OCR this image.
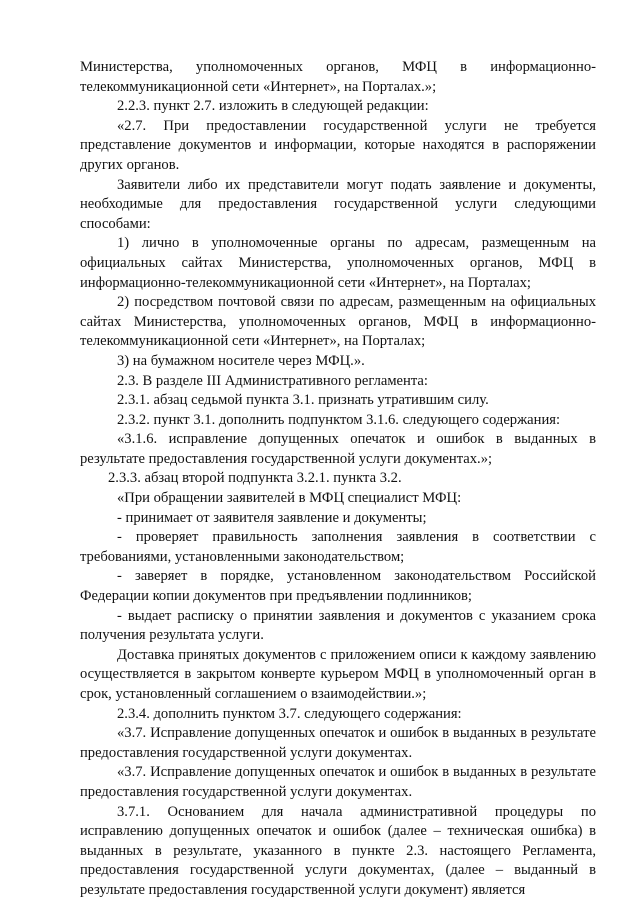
Министерства, уполномоченных органов, МФЦ в информационно-телекоммуникационной сети «Интернет», на Порталах.»;

2.2.3. пункт 2.7. изложить в следующей редакции:

«2.7. При предоставлении государственной услуги не требуется представление документов и информации, которые находятся в распоряжении других органов.

Заявители либо их представители могут подать заявление и документы, необходимые для предоставления государственной услуги следующими способами:

1) лично в уполномоченные органы по адресам, размещенным на официальных сайтах Министерства, уполномоченных органов, МФЦ в информационно-телекоммуникационной сети «Интернет», на Порталах;

2) посредством почтовой связи по адресам, размещенным на официальных сайтах Министерства, уполномоченных органов, МФЦ в информационно-телекоммуникационной сети «Интернет», на Порталах;

3) на бумажном носителе через МФЦ.».

2.3. В разделе III Административного регламента:

2.3.1. абзац седьмой пункта 3.1. признать утратившим силу.

2.3.2. пункт 3.1. дополнить подпунктом 3.1.6. следующего содержания:

«3.1.6. исправление допущенных опечаток и ошибок в выданных в результате предоставления государственной услуги документах.»;

2.3.3. абзац второй подпункта 3.2.1. пункта 3.2.

«При обращении заявителей в МФЦ специалист МФЦ:

- принимает от заявителя заявление и документы;

- проверяет правильность заполнения заявления в соответствии с требованиями, установленными законодательством;

- заверяет в порядке, установленном законодательством Российской Федерации копии документов при предъявлении подлинников;

- выдает расписку о принятии заявления и документов с указанием срока получения результата услуги.

Доставка принятых документов с приложением описи к каждому заявлению осуществляется в закрытом конверте курьером МФЦ в уполномоченный орган в срок, установленный соглашением о взаимодействии.»;

2.3.4. дополнить пунктом 3.7. следующего содержания:

«3.7. Исправление допущенных опечаток и ошибок в выданных в результате предоставления государственной услуги документах.

«3.7. Исправление допущенных опечаток и ошибок в выданных в результате предоставления государственной услуги документах.

3.7.1. Основанием для начала административной процедуры по исправлению допущенных опечаток и ошибок (далее – техническая ошибка) в выданных в результате, указанного в пункте 2.3. настоящего Регламента, предоставления государственной услуги документах, (далее – выданный в результате предоставления государственной услуги документ) является
